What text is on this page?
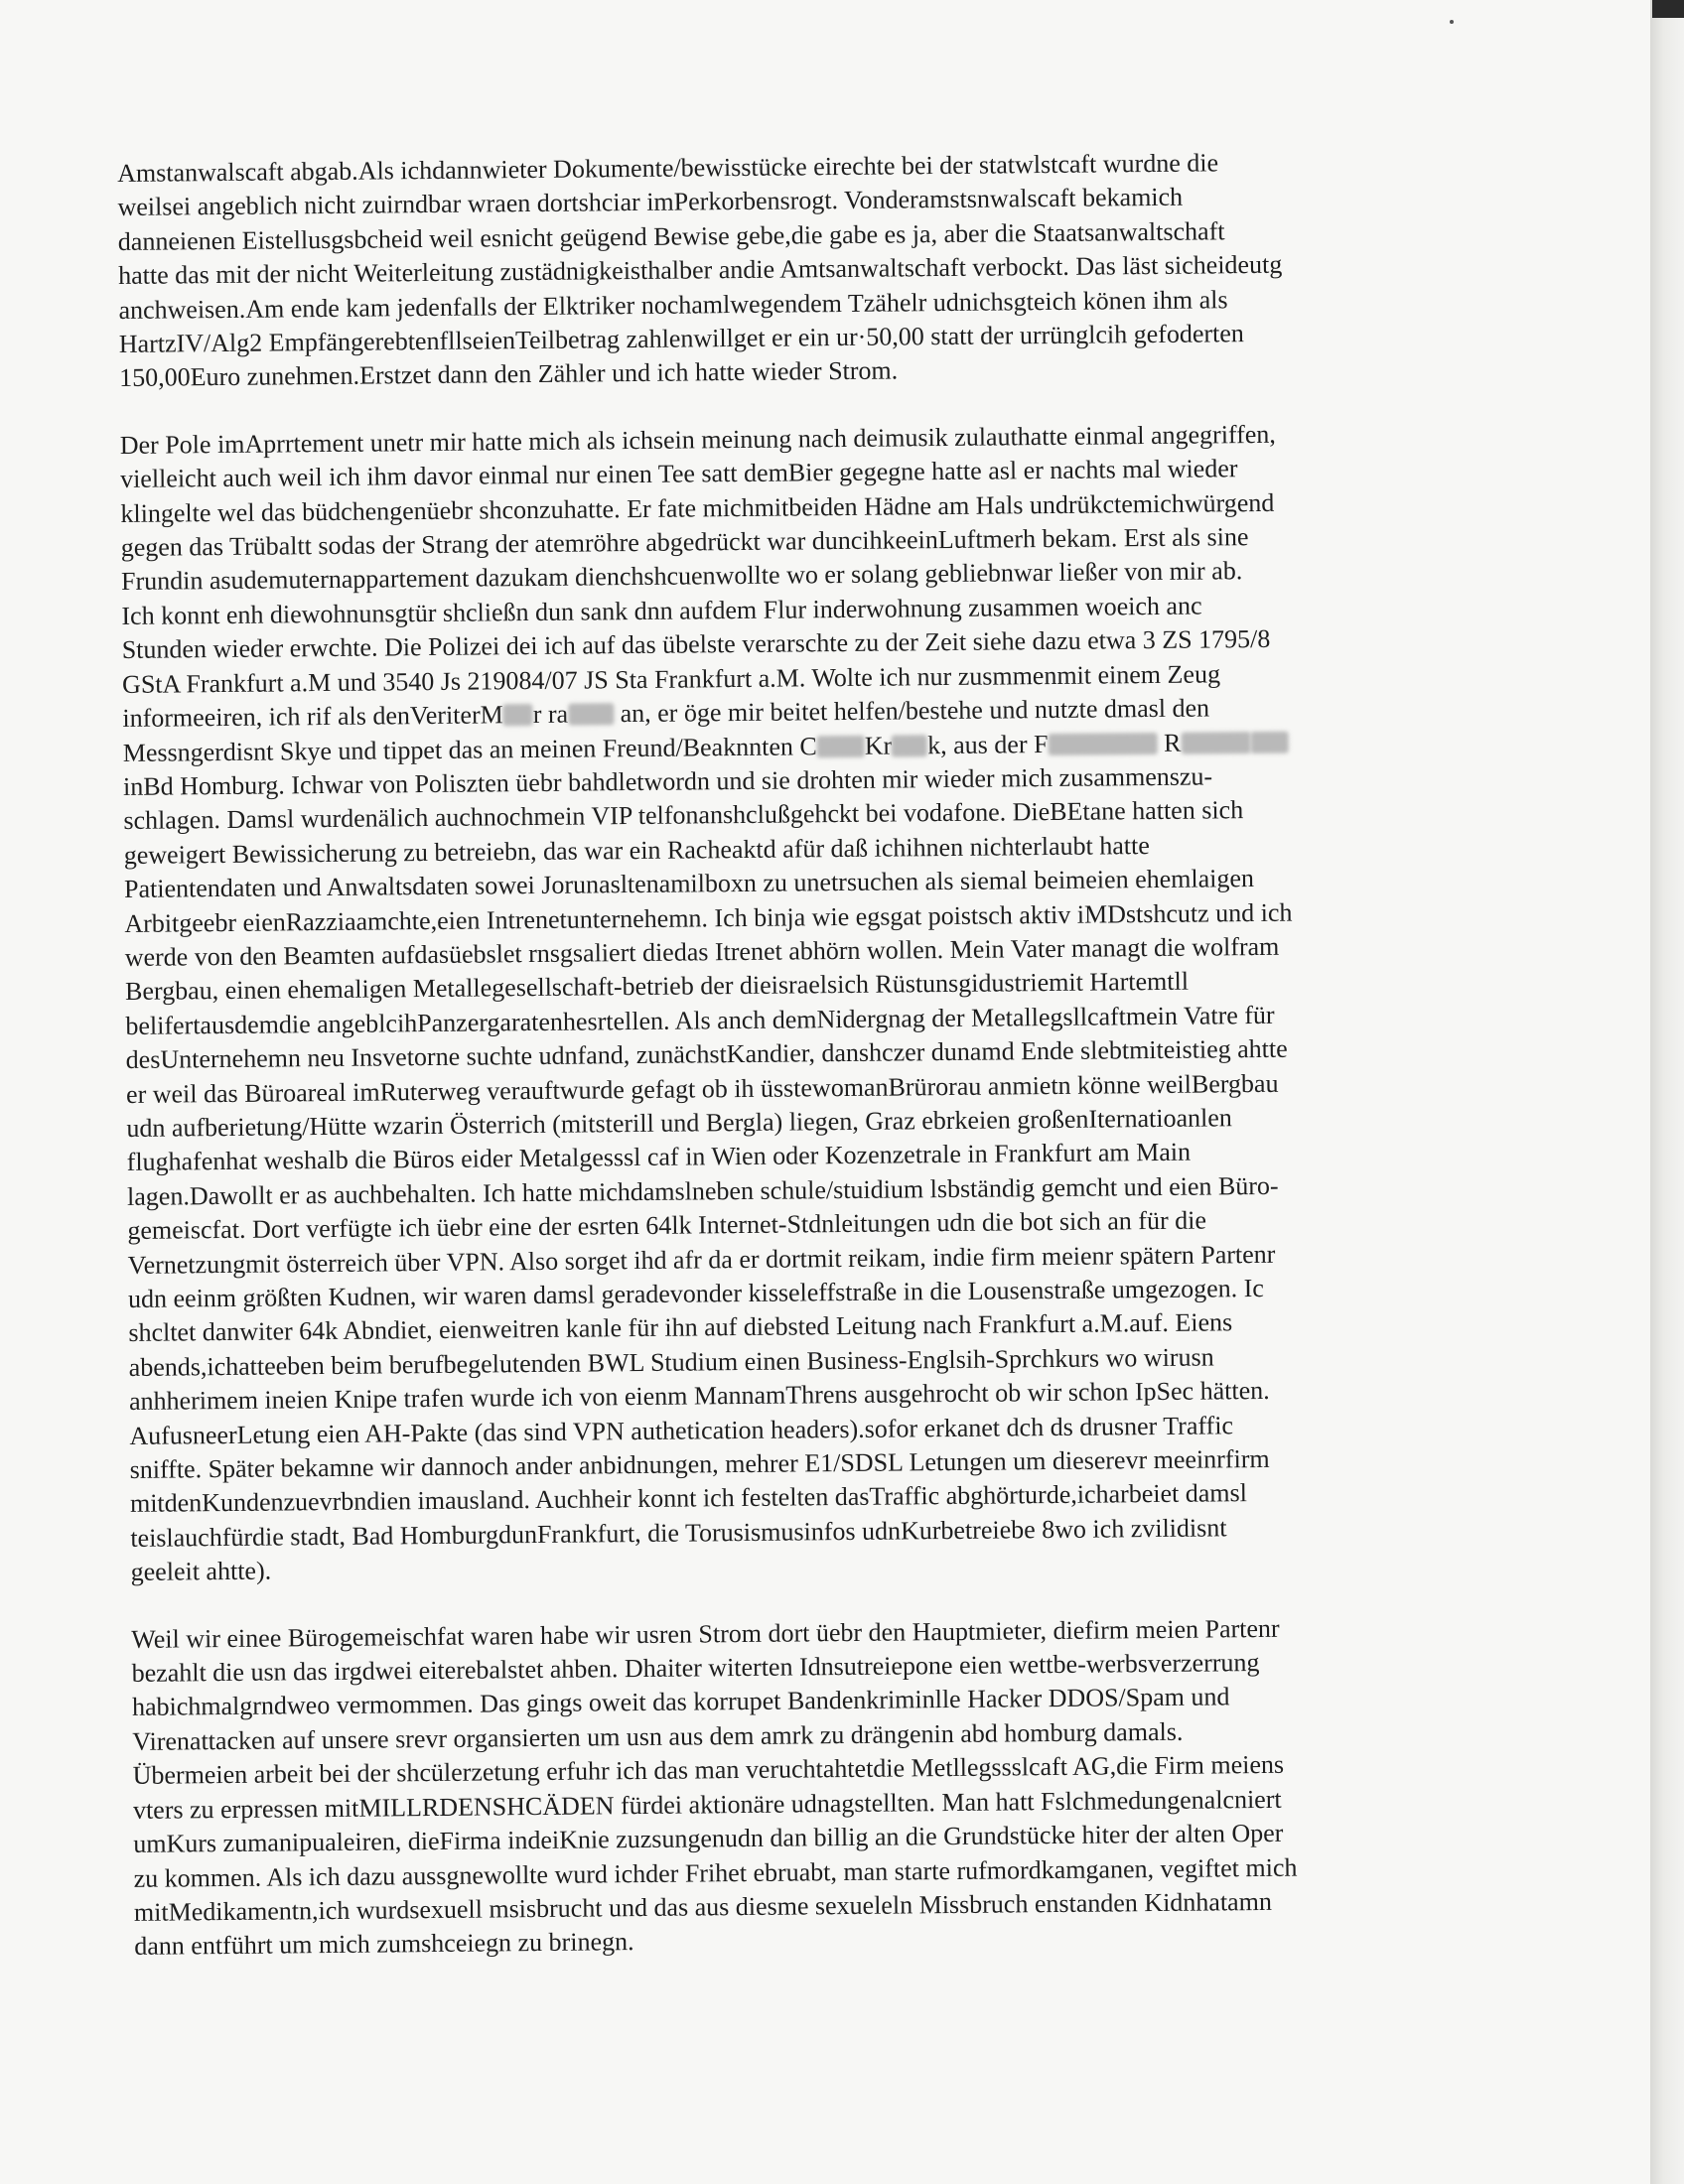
Amstanwalscaft abgab.Als ichdannwieter Dokumente/bewisstücke eirechte bei der statwlstcaft wurdne die
weilsei angeblich nicht zuirndbar wraen dortshciar imPerkorbensrogt. Vonderamstsnwalscaft bekamich
danneienen Eistellusgsbcheid weil esnicht geügend Bewise gebe,die gabe es ja, aber die Staatsanwaltschaft
hatte das mit der nicht Weiterleitung zustädnigkeisthalber andie Amtsanwaltschaft verbockt. Das läst sicheideutg
anchweisen.Am ende kam jedenfalls der Elktriker nochamlwegendem Tzähelr udnichsgteich könen ihm als
HartzIV/Alg2 EmpfängerebtenfllseienTeilbetrag zahlenwillget er ein ur·50,00 statt der urrünglcih gefoderten
150,00Euro zunehmen.Erstzet dann den Zähler und ich hatte wieder Strom.
Der Pole imAprrtement unetr mir hatte mich als ichsein meinung nach deimusik zulauthatte einmal angegriffen,
vielleicht auch weil ich ihm davor einmal nur einen Tee satt demBier gegegne hatte asl er nachts mal wieder
klingelte wel das büdchengenüebr shconzuhatte. Er fate michmitbeiden Hädne am Hals undrükctemichwürgend
gegen das Trübaltt sodas der Strang der atemröhre abgedrückt war duncihkeeinLuftmerh bekam. Erst als sine
Frundin asudemuternappartement dazukam dienchshcuenwollte wo er solang gebliebnwar ließer von mir ab.
Ich konnt enh diewohnunsgtür shcließn dun sank dnn aufdem Flur inderwohnung zusammen woeich anc
Stunden wieder erwchte. Die Polizei dei ich auf das übelste verarschte zu der Zeit siehe dazu etwa 3 ZS 1795/8
GStA Frankfurt a.M und 3540 Js 219084/07 JS Sta Frankfurt a.M. Wolte ich nur zusmmenmit einem Zeug
informeeiren, ich rif als denVeriterM r ra an, er öge mir beitet helfen/bestehe und nutzte dmasl den
Messngerdisnt Skye und tippet das an meinen Freund/Beaknnten C Kr k, aus der F	R
inBd Homburg. Ichwar von Poliszten üebr bahdletwordn und sie drohten mir wieder mich zusammenszu-
schlagen. Damsl wurdenälich auchnochmein VIP telfonanshclußgehckt bei vodafone. DieBEtane hatten sich
geweigert Bewissicherung zu betreiebn, das war ein Racheaktd afür daß ichihnen nichterlaubt hatte
Patientendaten und Anwaltsdaten sowei Jorunasltenamilboxn zu unetrsuchen als siemal beimeien ehemlaigen
Arbitgeebr eienRazziaamchte,eien Intrenetunternehemn. Ich binja wie egsgat poistsch aktiv iMDstshcutz und ich
werde von den Beamten aufdasüebslet rnsgsaliert diedas Itrenet abhörn wollen. Mein Vater managt die wolfram
Bergbau, einen ehemaligen Metallegesellschaft-betrieb der dieisraelsich Rüstunsgidustriemit Hartemtll
belifertausdemdie angeblcihPanzergaratenhesrtellen. Als anch demNidergnag der Metallegsllcaftmein Vatre für
desUnternehemn neu Insvetorne suchte udnfand, zunächstKandier, danshczer dunamd Ende slebtmiteistieg ahtte
er weil das Büroareal imRuterweg verauftwurde gefagt ob ih üsstewomanBrürorau anmietn könne weilBergbau
udn aufberietung/Hütte wzarin Österrich (mitsterill und Bergla) liegen, Graz ebrkeien großenIternatioanlen
flughafenhat weshalb die Büros eider Metalgesssl caf in Wien oder Kozenzetrale in Frankfurt am Main
lagen.Dawollt er as auchbehalten. Ich hatte michdamslneben schule/stuidium lsbständig gemcht und eien Büro-
gemeiscfat. Dort verfügte ich üebr eine der esrten 64lk Internet-Stdnleitungen udn die bot sich an für die
Vernetzungmit österreich über VPN. Also sorget ihd afr da er dortmit reikam, indie firm meienr spätern Partenr
udn eeinm größten Kudnen, wir waren damsl geradevonder kisseleffstraße in die Lousenstraße umgezogen. Ic
shcltet danwiter 64k Abndiet, eienweitren kanle für ihn auf diebsted Leitung nach Frankfurt a.M.auf. Eiens
abends,ichatteeben beim berufbegelutenden BWL Studium einen Business-Englsih-Sprchkurs wo wirusn
anhherimem ineien Knipe trafen wurde ich von eienm MannamThrens ausgehrocht ob wir schon IpSec hätten.
AufusneerLetung eien AH-Pakte (das sind VPN authetication headers).sofor erkanet dch ds drusner Traffic
sniffte. Später bekamne wir dannoch ander anbidnungen, mehrer E1/SDSL Letungen um dieserevr meeinrfirm
mitdenKundenzuevrbndien imausland. Auchheir konnt ich festelten dasTraffic abghörturde,icharbeiet damsl
teislauchfürdie stadt, Bad HomburgdunFrankfurt, die Torusismusinfos udnKurbetreiebe 8wo ich zvilidisnt
geeleit ahtte).
Weil wir einee Bürogemeischfat waren habe wir usren Strom dort üebr den Hauptmieter, diefirm meien Partenr
bezahlt die usn das irgdwei eiterebalstet ahben. Dhaiter witerten Idnsutreiepone eien wettbe-werbsverzerrung
habichmalgrndweo vermommen. Das gings oweit das korrupet Bandenkriminlle Hacker DDOS/Spam und
Virenattacken auf unsere srevr organsierten um usn aus dem amrk zu drängenin abd homburg damals.
Übermeien arbeit bei der shcülerzetung erfuhr ich das man veruchtahtetdie Metllegssslcaft AG,die Firm meiens
vters zu erpressen mitMILLRDENSHCÄDEN fürdei aktionäre udnagstellten. Man hatt Fslchmedungenalcniert
umKurs zumanipualeiren, dieFirma indeiKnie zuzsungenudn dan billig an die Grundstücke hiter der alten Oper
zu kommen. Als ich dazu aussgnewollte wurd ichder Frihet ebruabt, man starte rufmordkamganen, vegiftet mich
mitMedikamentn,ich wurdsexuell msisbrucht und das aus diesme sexueleln Missbruch enstanden Kidnhatamn
dann entführt um mich zumshceiegn zu brinegn.
